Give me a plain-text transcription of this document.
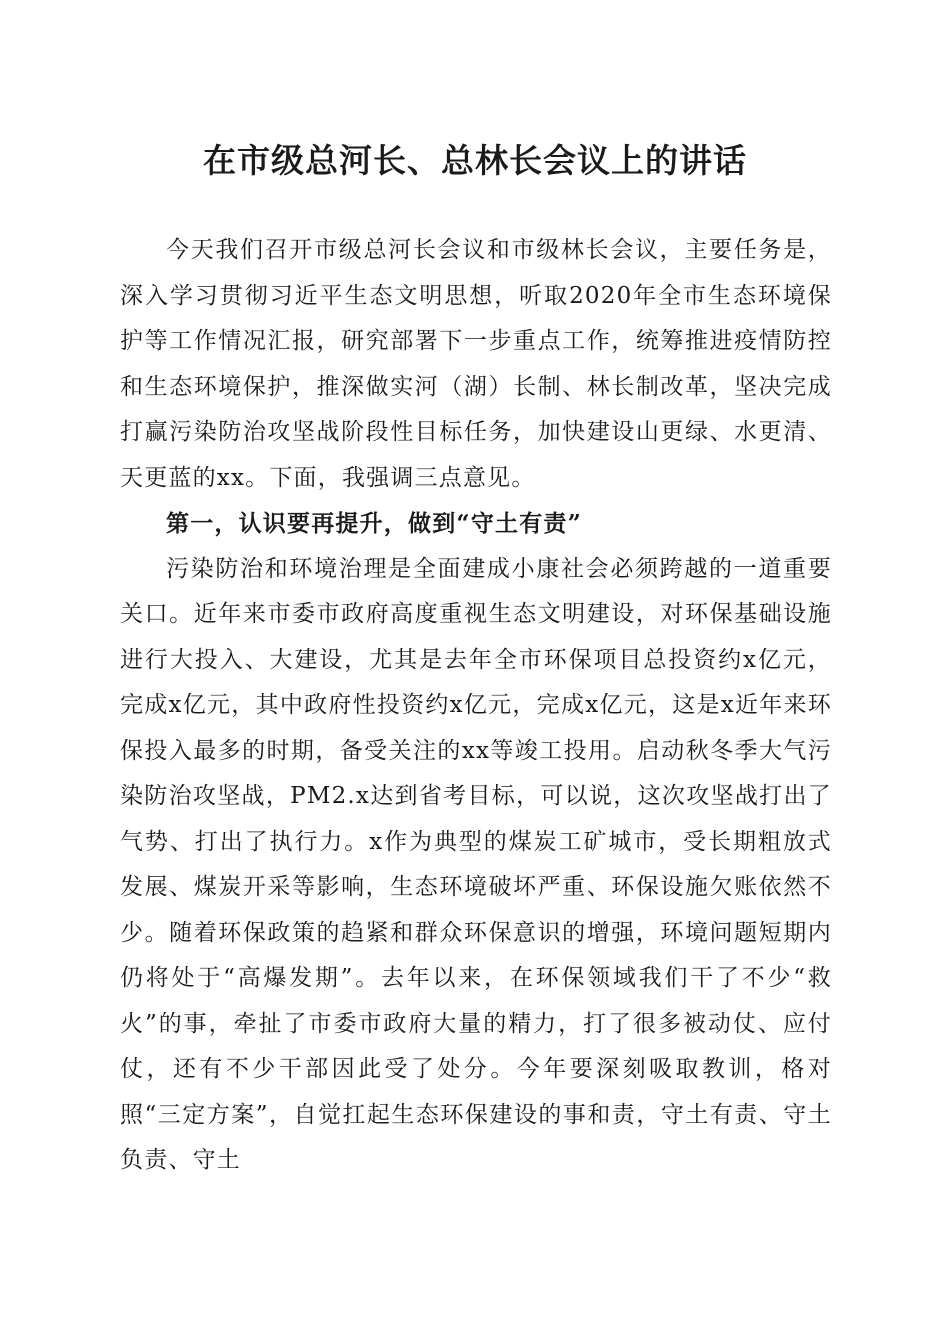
在市级总河长、总林长会议上的讲话

今天我们召开市级总河长会议和市级林长会议，主要任务是，深入学习贯彻习近平生态文明思想，听取2020年全市生态环境保护等工作情况汇报，研究部署下一步重点工作，统筹推进疫情防控和生态环境保护，推深做实河（湖）长制、林长制改革，坚决完成打赢污染防治攻坚战阶段性目标任务，加快建设山更绿、水更清、天更蓝的xx。下面，我强调三点意见。

第一，认识要再提升，做到“守土有责”

污染防治和环境治理是全面建成小康社会必须跨越的一道重要关口。近年来市委市政府高度重视生态文明建设，对环保基础设施进行大投入、大建设，尤其是去年全市环保项目总投资约x亿元，完成x亿元，其中政府性投资约x亿元，完成x亿元，这是x近年来环保投入最多的时期，备受关注的xx等竣工投用。启动秋冬季大气污染防治攻坚战，PM2.x达到省考目标，可以说，这次攻坚战打出了气势、打出了执行力。x作为典型的煤炭工矿城市，受长期粗放式发展、煤炭开采等影响，生态环境破坏严重、环保设施欠账依然不少。随着环保政策的趋紧和群众环保意识的增强，环境问题短期内仍将处于“高爆发期”。去年以来，在环保领域我们干了不少“救火”的事，牵扯了市委市政府大量的精力，打了很多被动仗、应付仗，还有不少干部因此受了处分。今年要深刻吸取教训，格对照“三定方案”，自觉扛起生态环保建设的事和责，守土有责、守土负责、守土
